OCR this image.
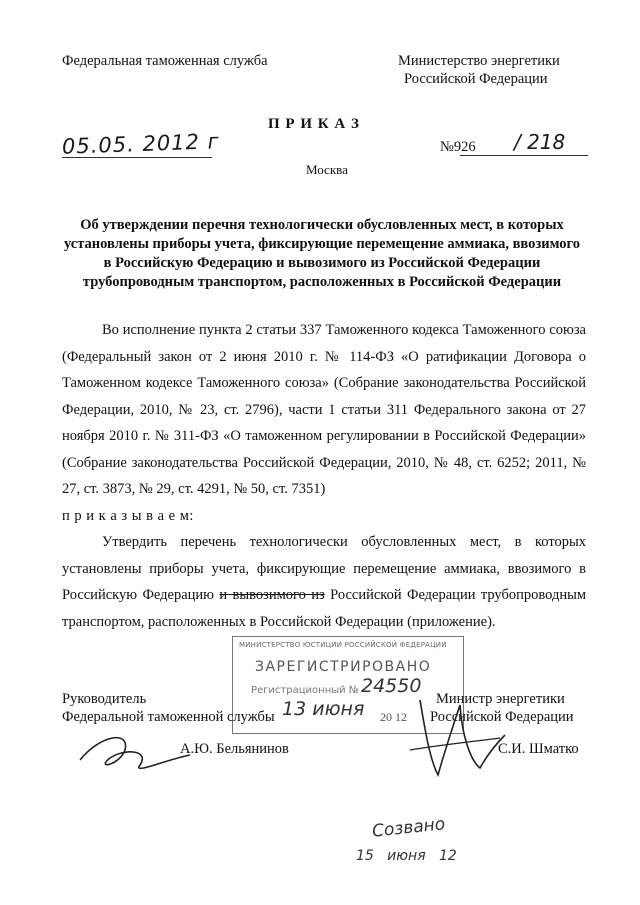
Федеральная таможенная служба	Министерство энергетики
Российской Федерации
П Р И К А З
05.05. 2012 г	№926 / 218
Москва
Об утверждении перечня технологически обусловленных мест, в которых установлены приборы учета, фиксирующие перемещение аммиака, ввозимого в Российскую Федерацию и вывозимого из Российской Федерации трубопроводным транспортом, расположенных в Российской Федерации

Во исполнение пункта 2 статьи 337 Таможенного кодекса Таможенного союза (Федеральный закон от 2 июня 2010 г. № 114-ФЗ «О ратификации Договора о Таможенном кодексе Таможенного союза» (Собрание законодательства Российской Федерации, 2010, № 23, ст. 2796), части 1 статьи 311 Федерального закона от 27 ноября 2010 г. № 311-ФЗ «О таможенном регулировании в Российской Федерации» (Собрание законодательства Российской Федерации, 2010, № 48, ст. 6252; 2011, № 27, ст. 3873, № 29, ст. 4291, № 50, ст. 7351)

п р и к а з ы в а е м:

Утвердить перечень технологически обусловленных мест, в которых установлены приборы учета, фиксирующие перемещение аммиака, ввозимого в Российскую Федерацию и вывозимого из Российской Федерации трубопроводным транспортом, расположенных в Российской Федерации (приложение).

МИНИСТЕРСТВО ЮСТИЦИИ РОССИЙСКОЙ ФЕДЕРАЦИИ
ЗАРЕГИСТРИРОВАНО
Регистрационный № 24550
Руководитель
Федеральной таможенной службы 13 июня 20 12
Министр энергетики
Российской Федерации
А.Ю. Бельянинов	С.И. Шматко
Созвано
15   июня   12
